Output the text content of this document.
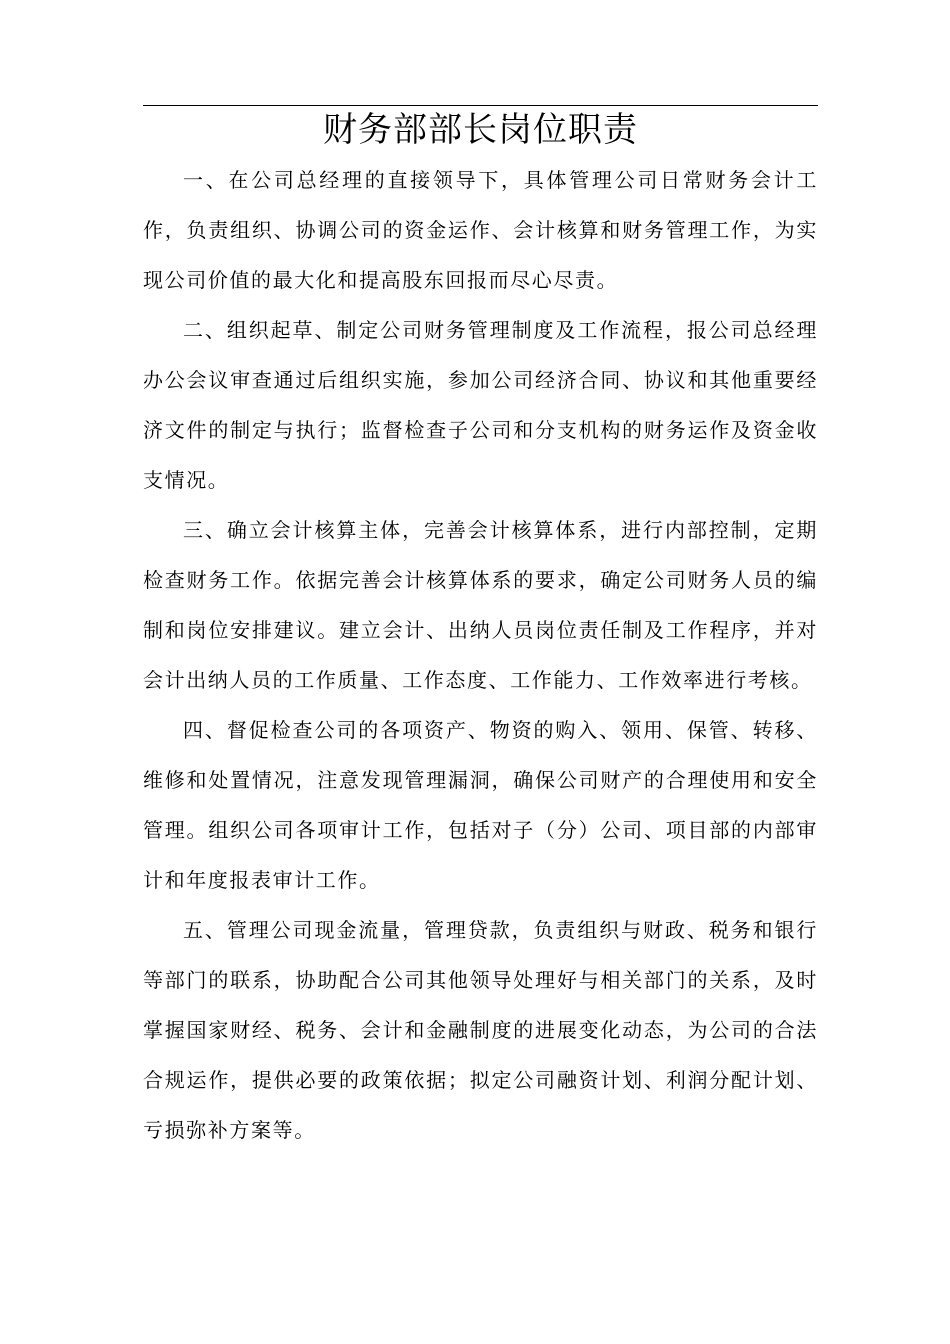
财务部部长岗位职责

一、在公司总经理的直接领导下，具体管理公司日常财务会计工作，负责组织、协调公司的资金运作、会计核算和财务管理工作，为实现公司价值的最大化和提高股东回报而尽心尽责。

二、组织起草、制定公司财务管理制度及工作流程，报公司总经理办公会议审查通过后组织实施，参加公司经济合同、协议和其他重要经济文件的制定与执行；监督检查子公司和分支机构的财务运作及资金收支情况。

三、确立会计核算主体，完善会计核算体系，进行内部控制，定期检查财务工作。依据完善会计核算体系的要求，确定公司财务人员的编制和岗位安排建议。建立会计、出纳人员岗位责任制及工作程序，并对会计出纳人员的工作质量、工作态度、工作能力、工作效率进行考核。

四、督促检查公司的各项资产、物资的购入、领用、保管、转移、维修和处置情况，注意发现管理漏洞，确保公司财产的合理使用和安全管理。组织公司各项审计工作，包括对子（分）公司、项目部的内部审计和年度报表审计工作。

五、管理公司现金流量，管理贷款，负责组织与财政、税务和银行等部门的联系，协助配合公司其他领导处理好与相关部门的关系，及时掌握国家财经、税务、会计和金融制度的进展变化动态，为公司的合法合规运作，提供必要的政策依据；拟定公司融资计划、利润分配计划、亏损弥补方案等。
